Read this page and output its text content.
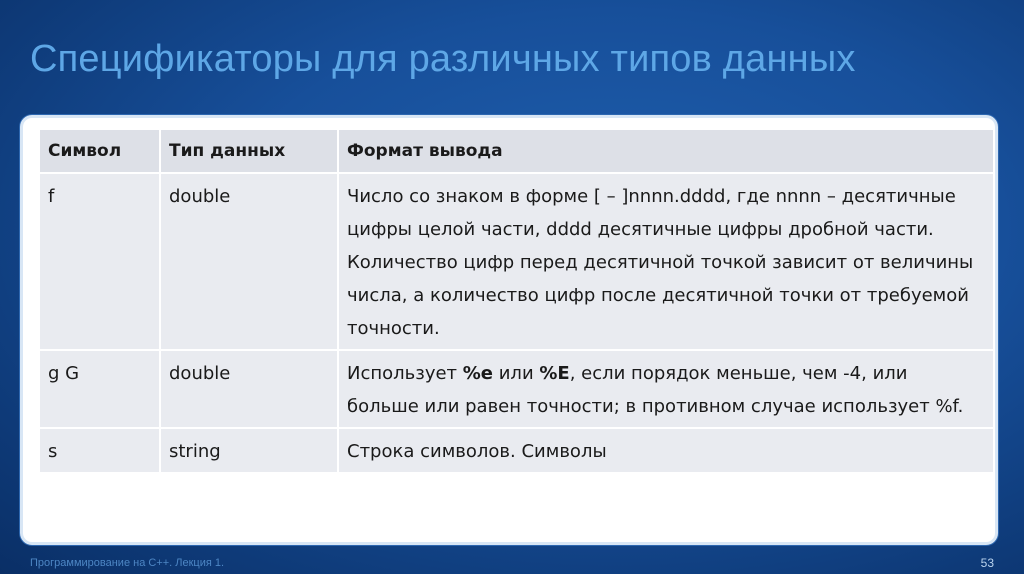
Спецификаторы для различных типов данных
Символ	Тип данных	Формат вывода
f	double	Число со знаком в форме [ – ]nnnn.dddd, где nnnn – десятичные цифры целой части, dddd десятичные цифры дробной части. Количество цифр перед десятичной точкой зависит от величины числа, а количество цифр после десятичной точки от требуемой точности.
g G	double	Использует %e или %E, если порядок меньше, чем -4, или больше или равен точности; в противном случае использует %f.
s	string	Строка символов. Символы
Программирование на С++. Лекция 1.	53
